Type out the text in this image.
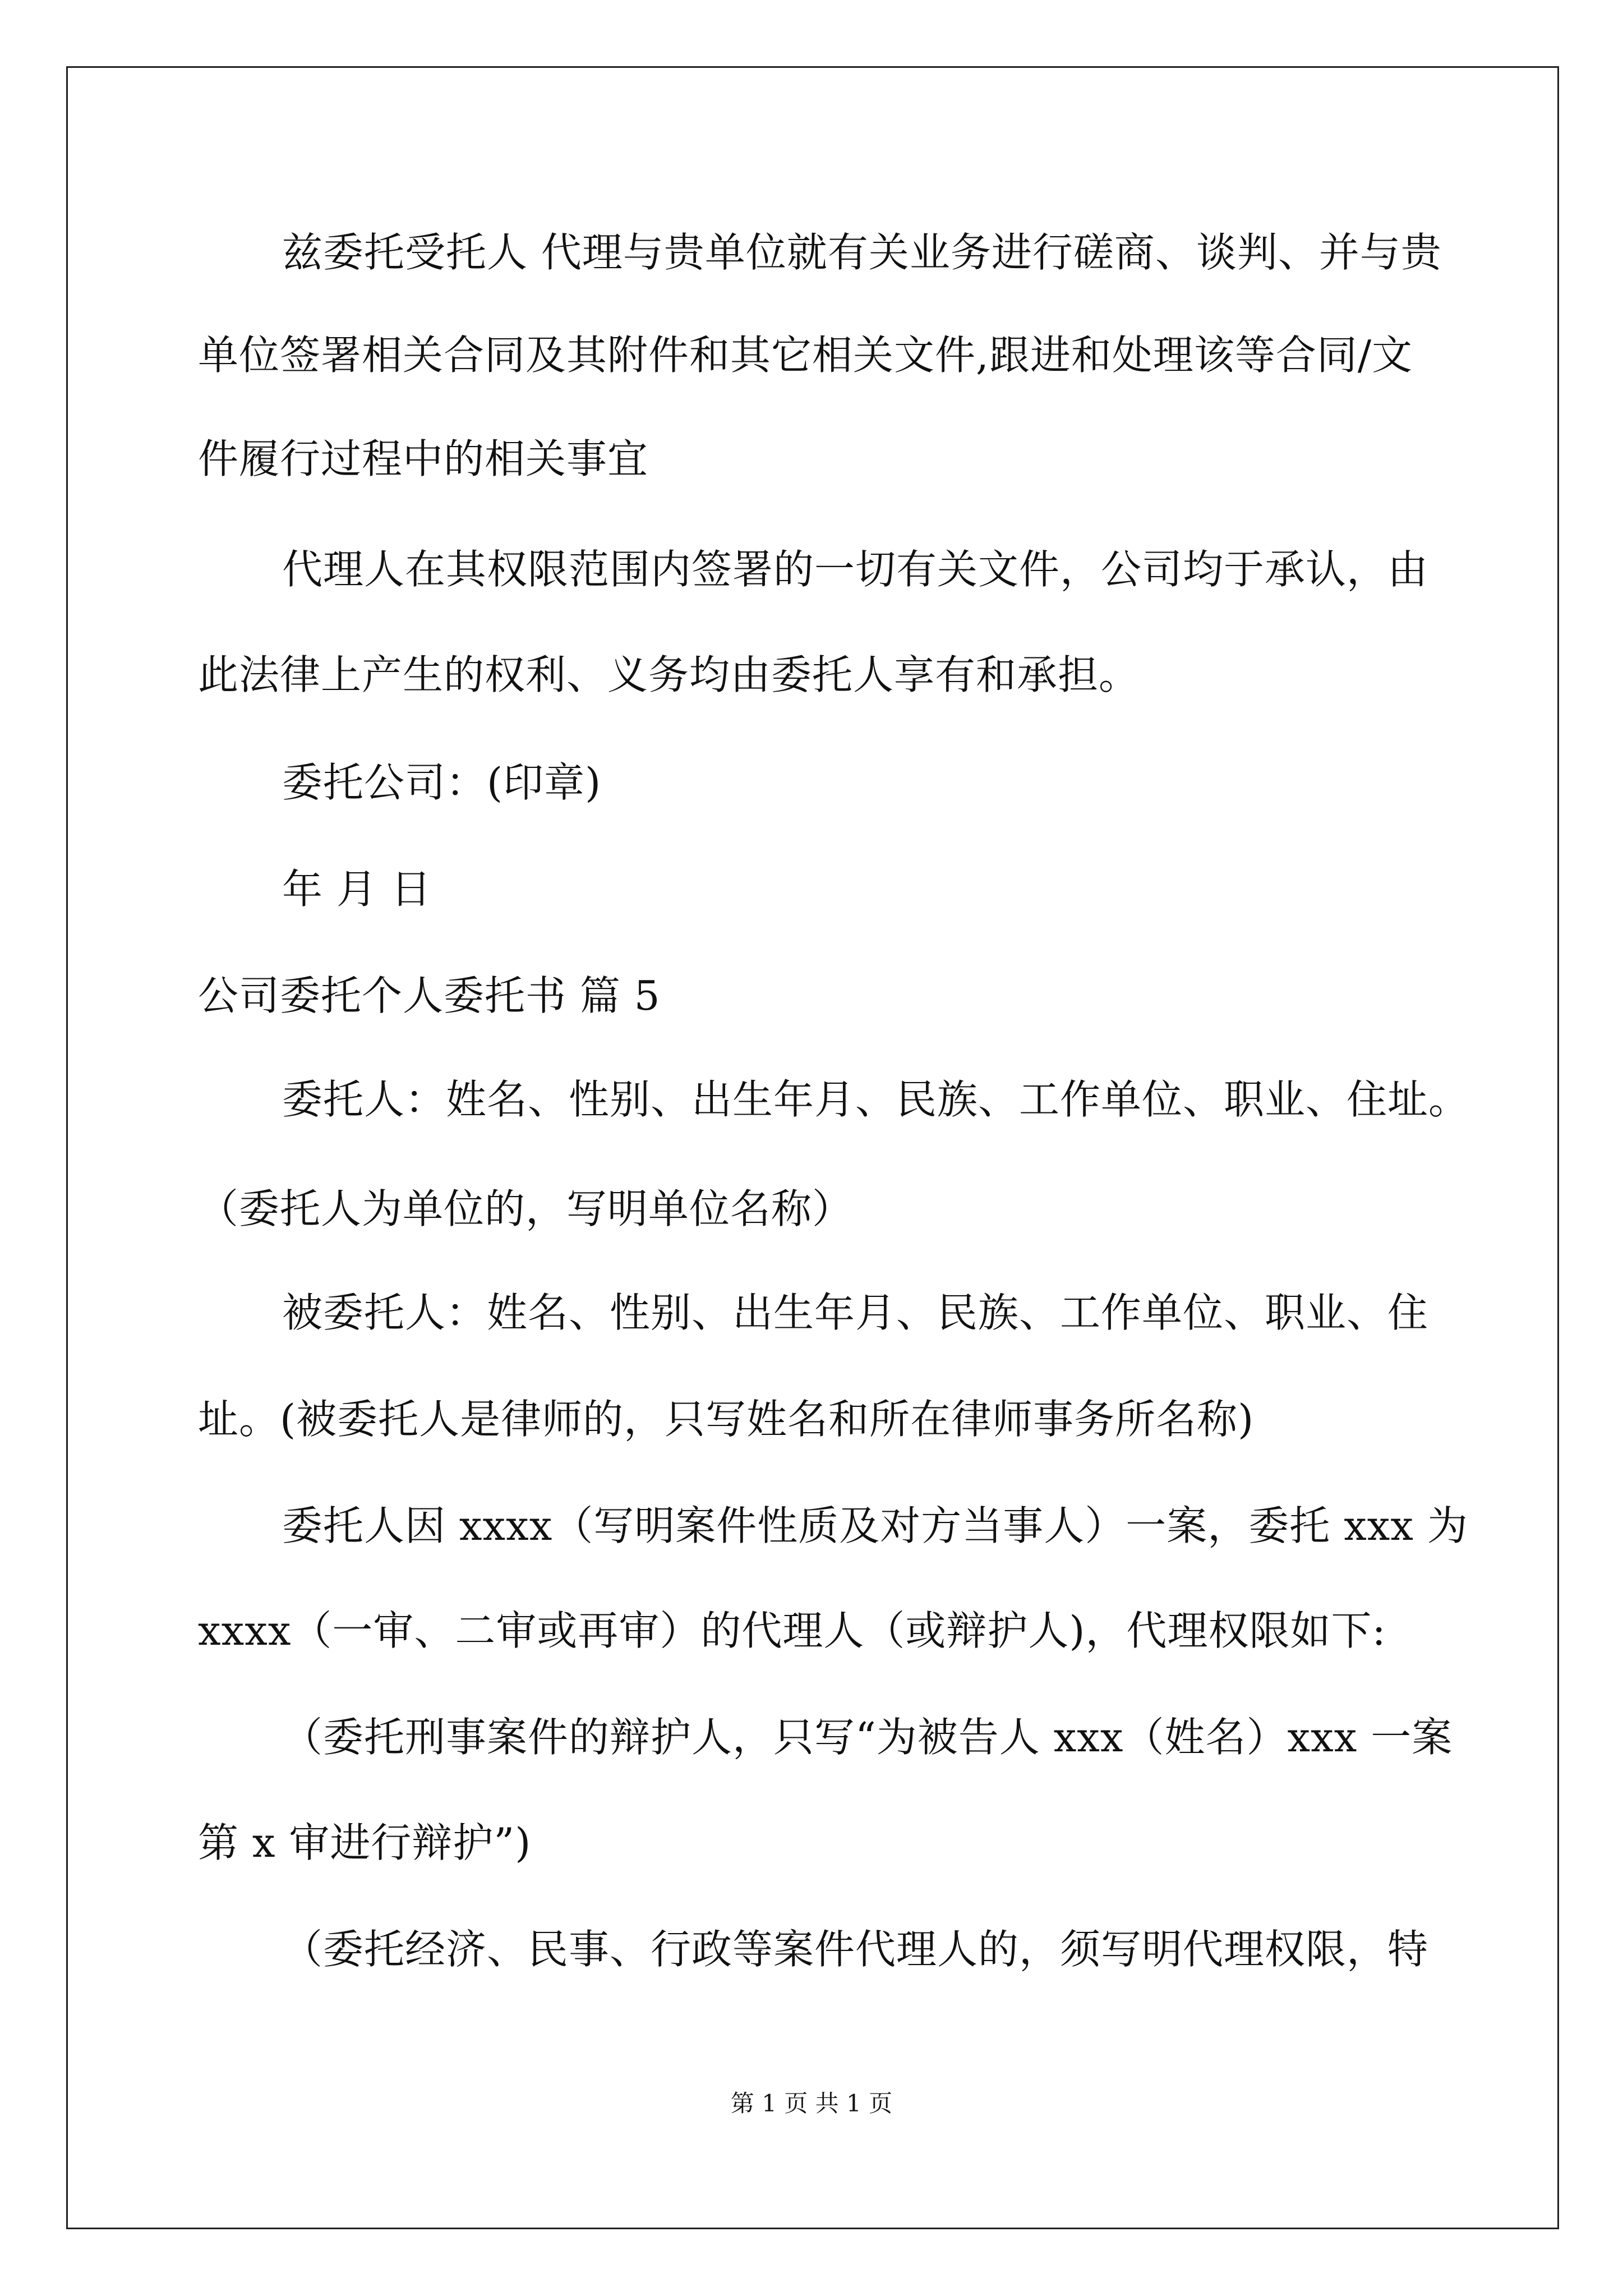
兹委托受托人 代理与贵单位就有关业务进行磋商、谈判、并与贵
单位签署相关合同及其附件和其它相关文件,跟进和处理该等合同/文
件履行过程中的相关事宜
代理人在其权限范围内签署的一切有关文件，公司均于承认，由
此法律上产生的权利、义务均由委托人享有和承担。
委托公司：(印章)
年 月 日
公司委托个人委托书 篇 5
委托人：姓名、性别、出生年月、民族、工作单位、职业、住址。
（委托人为单位的，写明单位名称）
被委托人：姓名、性别、出生年月、民族、工作单位、职业、住
址。(被委托人是律师的，只写姓名和所在律师事务所名称)
委托人因 xxxx（写明案件性质及对方当事人）一案，委托 xxx 为
xxxx（一审、二审或再审）的代理人（或辩护人)，代理权限如下:
（委托刑事案件的辩护人，只写“为被告人 xxx（姓名）xxx 一案
第 x 审进行辩护”)
（委托经济、民事、行政等案件代理人的，须写明代理权限，特
第 1 页 共 1 页
